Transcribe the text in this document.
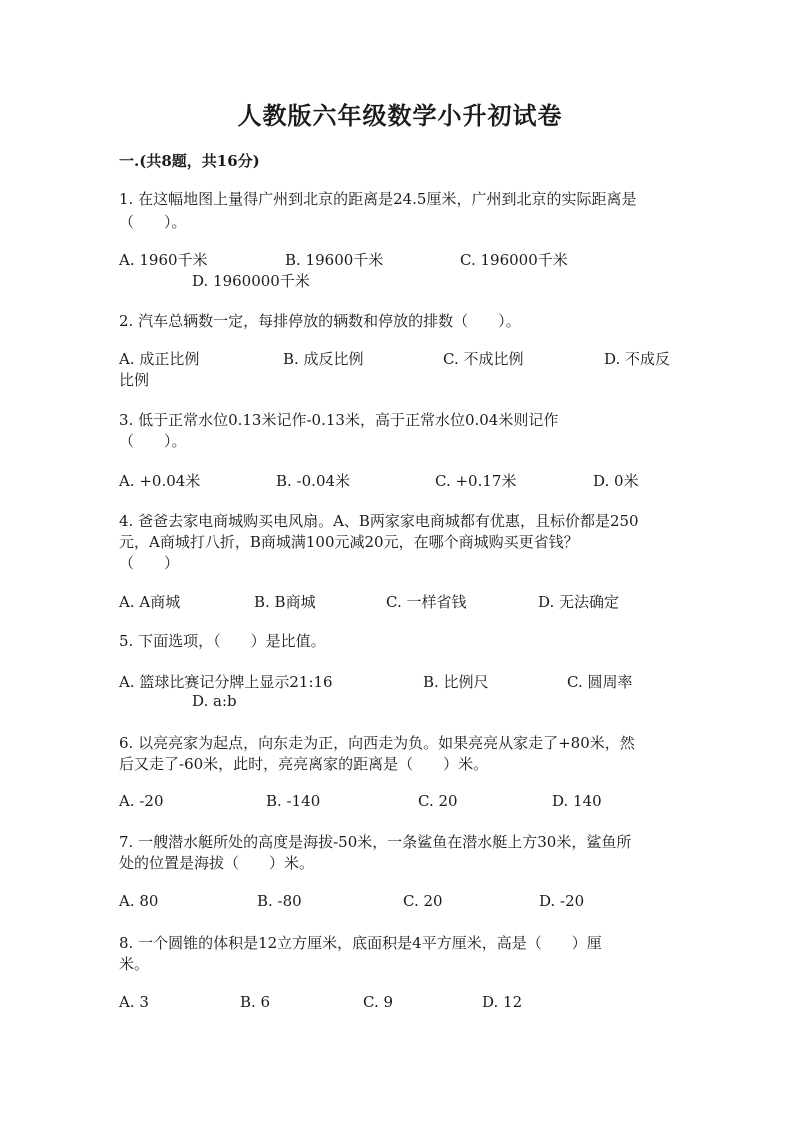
人教版六年级数学小升初试卷
一.(共8题，共16分)
1. 在这幅地图上量得广州到北京的距离是24.5厘米，广州到北京的实际距离是
（　　）。
A. 1960千米	B. 19600千米	C. 196000千米
D. 1960000千米
2. 汽车总辆数一定，每排停放的辆数和停放的排数（　　）。
A. 成正比例	B. 成反比例	C. 不成比例	D. 不成反
比例
3. 低于正常水位0.13米记作-0.13米，高于正常水位0.04米则记作
（　　）。
A. +0.04米	B. -0.04米	C. +0.17米	D. 0米
4. 爸爸去家电商城购买电风扇。A、B两家家电商城都有优惠，且标价都是250
元，A商城打八折，B商城满100元减20元，在哪个商城购买更省钱？
（　　）
A. A商城	B. B商城	C. 一样省钱	D. 无法确定
5. 下面选项，（　　）是比值。
A. 篮球比赛记分牌上显示21:16	B. 比例尺	C. 圆周率
D. a:b
6. 以亮亮家为起点，向东走为正，向西走为负。如果亮亮从家走了+80米，然
后又走了-60米，此时，亮亮离家的距离是（　　）米。
A. -20	B. -140	C. 20	D. 140
7. 一艘潜水艇所处的高度是海拔-50米，一条鲨鱼在潜水艇上方30米，鲨鱼所
处的位置是海拔（　　）米。
A. 80	B. -80	C. 20	D. -20
8. 一个圆锥的体积是12立方厘米，底面积是4平方厘米，高是（　　）厘
米。
A. 3	B. 6	C. 9	D. 12
